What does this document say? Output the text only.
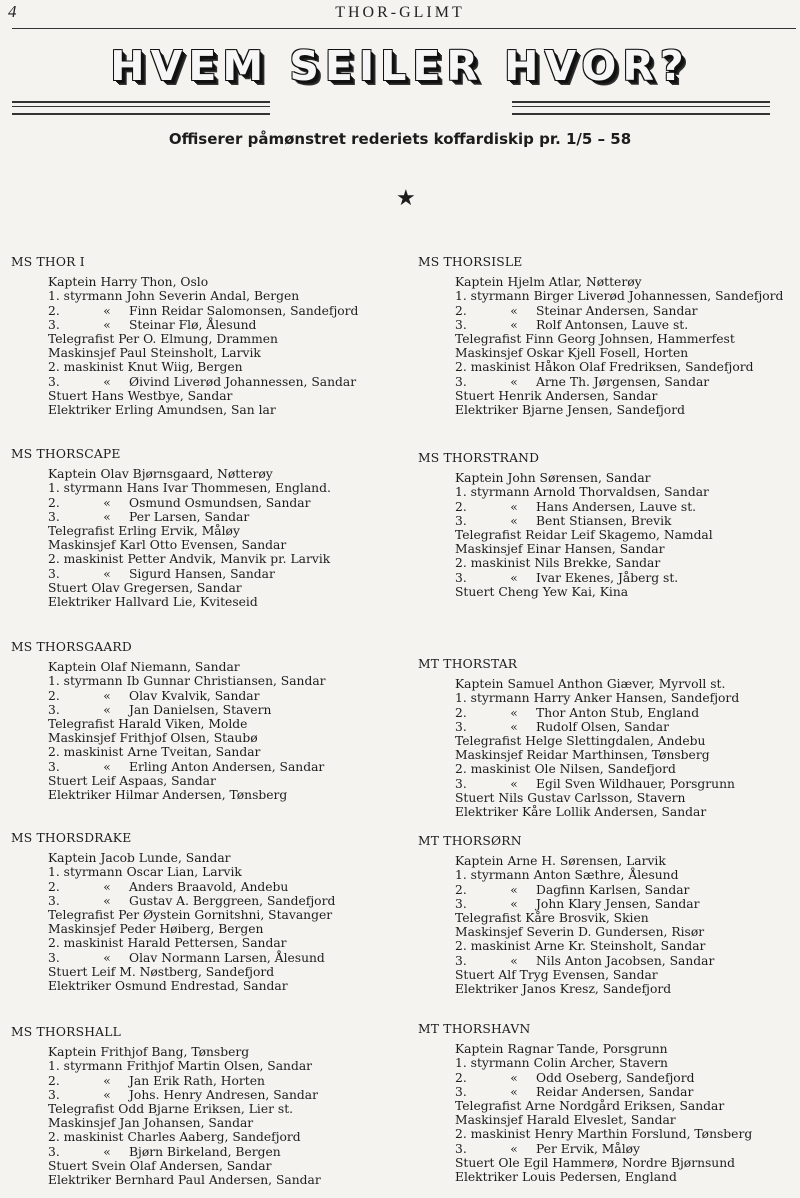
4	THOR-GLIMT
HVEM SEILER HVOR?
Offiserer påmønstret rederiets koffardiskip pr. 1/5 – 58
★
MS THOR I
Kaptein Harry Thon, Oslo
1. styrmann John Severin Andal, Bergen
2.	«	Finn Reidar Salomonsen, Sandefjord
3.	«	Steinar Flø, Ålesund
Telegrafist Per O. Elmung, Drammen
Maskinsjef Paul Steinsholt, Larvik
2. maskinist Knut Wiig, Bergen
3.	«	Øivind Liverød Johannessen, Sandar
Stuert Hans Westbye, Sandar
Elektriker Erling Amundsen, San lar
MS THORSISLE
Kaptein Hjelm Atlar, Nøtterøy
1. styrmann Birger Liverød Johannessen, Sandefjord
2.	«	Steinar Andersen, Sandar
3.	«	Rolf Antonsen, Lauve st.
Telegrafist Finn Georg Johnsen, Hammerfest
Maskinsjef Oskar Kjell Fosell, Horten
2. maskinist Håkon Olaf Fredriksen, Sandefjord
3.	«	Arne Th. Jørgensen, Sandar
Stuert Henrik Andersen, Sandar
Elektriker Bjarne Jensen, Sandefjord
MS THORSCAPE
Kaptein Olav Bjørnsgaard, Nøtterøy
1. styrmann Hans Ivar Thommesen, England.
2.	«	Osmund Osmundsen, Sandar
3.	«	Per Larsen, Sandar
Telegrafist Erling Ervik, Måløy
Maskinsjef Karl Otto Evensen, Sandar
2. maskinist Petter Andvik, Manvik pr. Larvik
3.	«	Sigurd Hansen, Sandar
Stuert Olav Gregersen, Sandar
Elektriker Hallvard Lie, Kviteseid
MS THORSTRAND
Kaptein John Sørensen, Sandar
1. styrmann Arnold Thorvaldsen, Sandar
2.	«	Hans Andersen, Lauve st.
3.	«	Bent Stiansen, Brevik
Telegrafist Reidar Leif Skagemo, Namdal
Maskinsjef Einar Hansen, Sandar
2. maskinist Nils Brekke, Sandar
3.	«	Ivar Ekenes, Jåberg st.
Stuert Cheng Yew Kai, Kina
MS THORSGAARD
Kaptein Olaf Niemann, Sandar
1. styrmann Ib Gunnar Christiansen, Sandar
2.	«	Olav Kvalvik, Sandar
3.	«	Jan Danielsen, Stavern
Telegrafist Harald Viken, Molde
Maskinsjef Frithjof Olsen, Staubø
2. maskinist Arne Tveitan, Sandar
3.	«	Erling Anton Andersen, Sandar
Stuert Leif Aspaas, Sandar
Elektriker Hilmar Andersen, Tønsberg
MT THORSTAR
Kaptein Samuel Anthon Giæver, Myrvoll st.
1. styrmann Harry Anker Hansen, Sandefjord
2.	«	Thor Anton Stub, England
3.	«	Rudolf Olsen, Sandar
Telegrafist Helge Slettingdalen, Andebu
Maskinsjef Reidar Marthinsen, Tønsberg
2. maskinist Ole Nilsen, Sandefjord
3.	«	Egil Sven Wildhauer, Porsgrunn
Stuert Nils Gustav Carlsson, Stavern
Elektriker Kåre Lollik Andersen, Sandar
MS THORSDRAKE
Kaptein Jacob Lunde, Sandar
1. styrmann Oscar Lian, Larvik
2.	«	Anders Braavold, Andebu
3.	«	Gustav A. Berggreen, Sandefjord
Telegrafist Per Øystein Gornitshni, Stavanger
Maskinsjef Peder Høiberg, Bergen
2. maskinist Harald Pettersen, Sandar
3.	«	Olav Normann Larsen, Ålesund
Stuert Leif M. Nøstberg, Sandefjord
Elektriker Osmund Endrestad, Sandar
MT THORSØRN
Kaptein Arne H. Sørensen, Larvik
1. styrmann Anton Sæthre, Ålesund
2.	«	Dagfinn Karlsen, Sandar
3.	«	John Klary Jensen, Sandar
Telegrafist Kåre Brosvik, Skien
Maskinsjef Severin D. Gundersen, Risør
2. maskinist Arne Kr. Steinsholt, Sandar
3.	«	Nils Anton Jacobsen, Sandar
Stuert Alf Tryg Evensen, Sandar
Elektriker Janos Kresz, Sandefjord
MS THORSHALL
Kaptein Frithjof Bang, Tønsberg
1. styrmann Frithjof Martin Olsen, Sandar
2.	«	Jan Erik Rath, Horten
3.	«	Johs. Henry Andresen, Sandar
Telegrafist Odd Bjarne Eriksen, Lier st.
Maskinsjef Jan Johansen, Sandar
2. maskinist Charles Aaberg, Sandefjord
3.	«	Bjørn Birkeland, Bergen
Stuert Svein Olaf Andersen, Sandar
Elektriker Bernhard Paul Andersen, Sandar
MT THORSHAVN
Kaptein Ragnar Tande, Porsgrunn
1. styrmann Colin Archer, Stavern
2.	«	Odd Oseberg, Sandefjord
3.	«	Reidar Andersen, Sandar
Telegrafist Arne Nordgård Eriksen, Sandar
Maskinsjef Harald Elveslet, Sandar
2. maskinist Henry Marthin Forslund, Tønsberg
3.	«	Per Ervik, Måløy
Stuert Ole Egil Hammerø, Nordre Bjørnsund
Elektriker Louis Pedersen, England
